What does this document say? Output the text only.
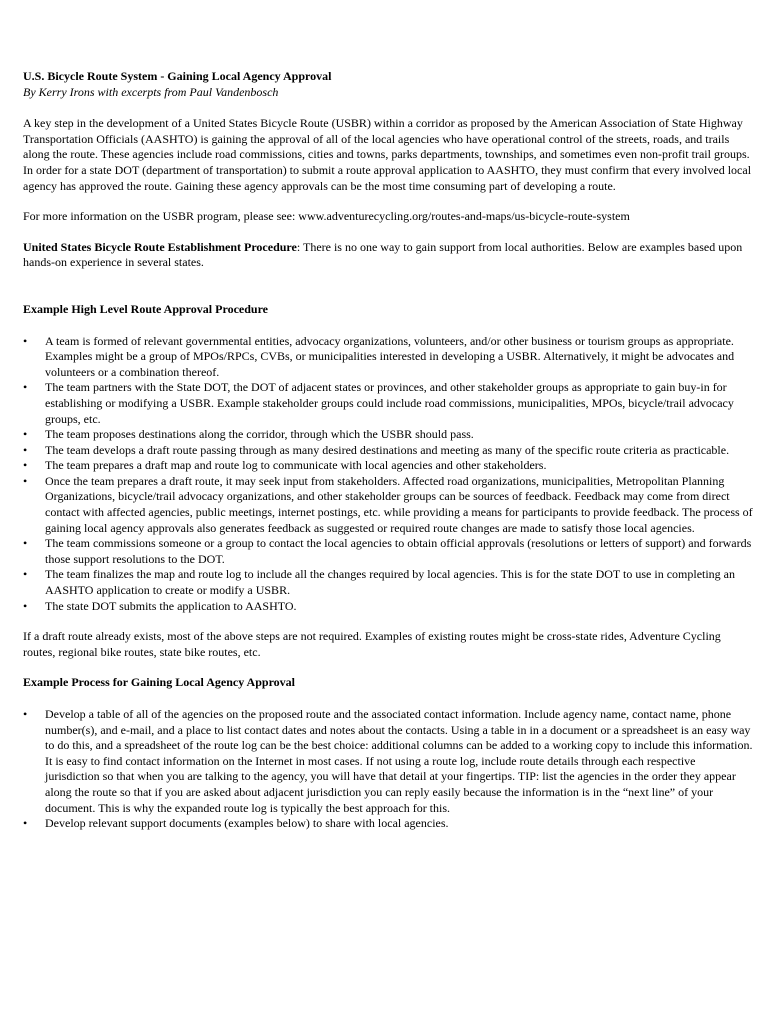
U.S. Bicycle Route System - Gaining Local Agency Approval
By Kerry Irons with excerpts from Paul Vandenbosch

A key step in the development of a United States Bicycle Route (USBR) within a corridor as proposed by the American Association of State Highway Transportation Officials (AASHTO) is gaining the approval of all of the local agencies who have operational control of the streets, roads, and trails along the route. These agencies include road commissions, cities and towns, parks departments, townships, and sometimes even non-profit trail groups. In order for a state DOT (department of transportation) to submit a route approval application to AASHTO, they must confirm that every involved local agency has approved the route. Gaining these agency approvals can be the most time consuming part of developing a route.

For more information on the USBR program, please see: www.adventurecycling.org/routes-and-maps/us-bicycle-route-system

United States Bicycle Route Establishment Procedure: There is no one way to gain support from local authorities. Below are examples based upon hands-on experience in several states.

Example High Level Route Approval Procedure
• A team is formed of relevant governmental entities, advocacy organizations, volunteers, and/or other business or tourism groups as appropriate. Examples might be a group of MPOs/RPCs, CVBs, or municipalities interested in developing a USBR. Alternatively, it might be advocates and volunteers or a combination thereof.
• The team partners with the State DOT, the DOT of adjacent states or provinces, and other stakeholder groups as appropriate to gain buy-in for establishing or modifying a USBR. Example stakeholder groups could include road commissions, municipalities, MPOs, bicycle/trail advocacy groups, etc.
• The team proposes destinations along the corridor, through which the USBR should pass.
• The team develops a draft route passing through as many desired destinations and meeting as many of the specific route criteria as practicable.
• The team prepares a draft map and route log to communicate with local agencies and other stakeholders.
• Once the team prepares a draft route, it may seek input from stakeholders. Affected road organizations, municipalities, Metropolitan Planning Organizations, bicycle/trail advocacy organizations, and other stakeholder groups can be sources of feedback. Feedback may come from direct contact with affected agencies, public meetings, internet postings, etc. while providing a means for participants to provide feedback. The process of gaining local agency approvals also generates feedback as suggested or required route changes are made to satisfy those local agencies.
• The team commissions someone or a group to contact the local agencies to obtain official approvals (resolutions or letters of support) and forwards those support resolutions to the DOT.
• The team finalizes the map and route log to include all the changes required by local agencies. This is for the state DOT to use in completing an AASHTO application to create or modify a USBR.
• The state DOT submits the application to AASHTO.

If a draft route already exists, most of the above steps are not required. Examples of existing routes might be cross-state rides, Adventure Cycling routes, regional bike routes, state bike routes, etc.

Example Process for Gaining Local Agency Approval
• Develop a table of all of the agencies on the proposed route and the associated contact information. Include agency name, contact name, phone number(s), and e-mail, and a place to list contact dates and notes about the contacts. Using a table in in a document or a spreadsheet is an easy way to do this, and a spreadsheet of the route log can be the best choice: additional columns can be added to a working copy to include this information. It is easy to find contact information on the Internet in most cases. If not using a route log, include route details through each respective jurisdiction so that when you are talking to the agency, you will have that detail at your fingertips. TIP: list the agencies in the order they appear along the route so that if you are asked about adjacent jurisdiction you can reply easily because the information is in the “next line” of your document. This is why the expanded route log is typically the best approach for this.
• Develop relevant support documents (examples below) to share with local agencies.
